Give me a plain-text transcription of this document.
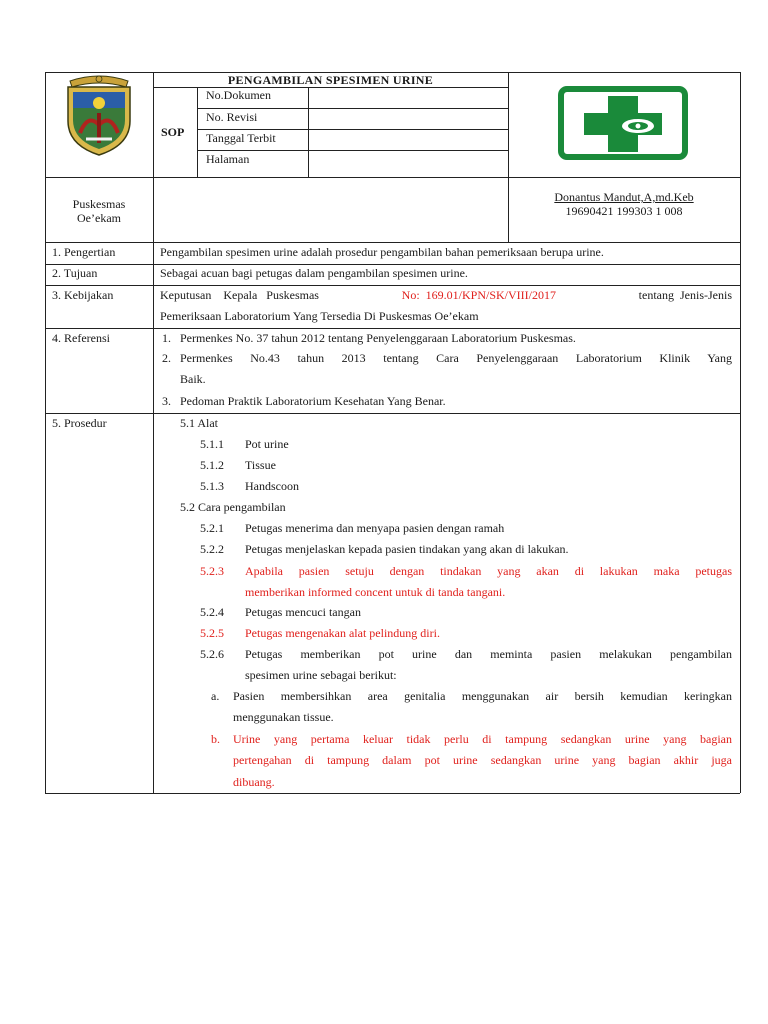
PENGAMBILAN SPESIMEN URINE
SOP
No.Dokumen
No. Revisi
Tanggal Terbit
Halaman
Puskesmas
Oe’ekam
Donantus Mandut,A,md.Keb
19690421 199303 1 008
1. Pengertian	Pengambilan spesimen urine adalah prosedur pengambilan bahan pemeriksaan berupa urine.
2. Tujuan	Sebagai acuan bagi petugas dalam pengambilan spesimen urine.
3. Kebijakan	Keputusan    Kepala   Puskesmas	No:  169.01/KPN/SK/VIII/2017	tentang  Jenis-Jenis
Pemeriksaan Laboratorium Yang Tersedia Di Puskesmas Oe’ekam
4. Referensi	1. Permenkes No. 37 tahun 2012 tentang Penyelenggaraan Laboratorium Puskesmas.
2. Permenkes No.43 tahun 2013 tentang Cara Penyelenggaraan Laboratorium Klinik Yang
Baik.
3. Pedoman Praktik Laboratorium Kesehatan Yang Benar.
5. Prosedur	5.1 Alat
5.1.1 Pot urine
5.1.2 Tissue
5.1.3 Handscoon
5.2 Cara pengambilan
5.2.1 Petugas menerima dan menyapa pasien dengan ramah
5.2.2 Petugas menjelaskan kepada pasien tindakan yang akan di lakukan.
5.2.3 Apabila pasien setuju dengan tindakan yang akan di lakukan maka petugas
memberikan informed concent untuk di tanda tangani.
5.2.4 Petugas mencuci tangan
5.2.5 Petugas mengenakan alat pelindung diri.
5.2.6 Petugas memberikan pot urine dan meminta pasien melakukan pengambilan
spesimen urine sebagai berikut:
a. Pasien membersihkan area genitalia menggunakan air bersih kemudian keringkan
menggunakan tissue.
b. Urine yang pertama keluar tidak perlu di tampung sedangkan urine yang bagian
pertengahan di tampung dalam pot urine sedangkan urine yang bagian akhir juga
dibuang.
